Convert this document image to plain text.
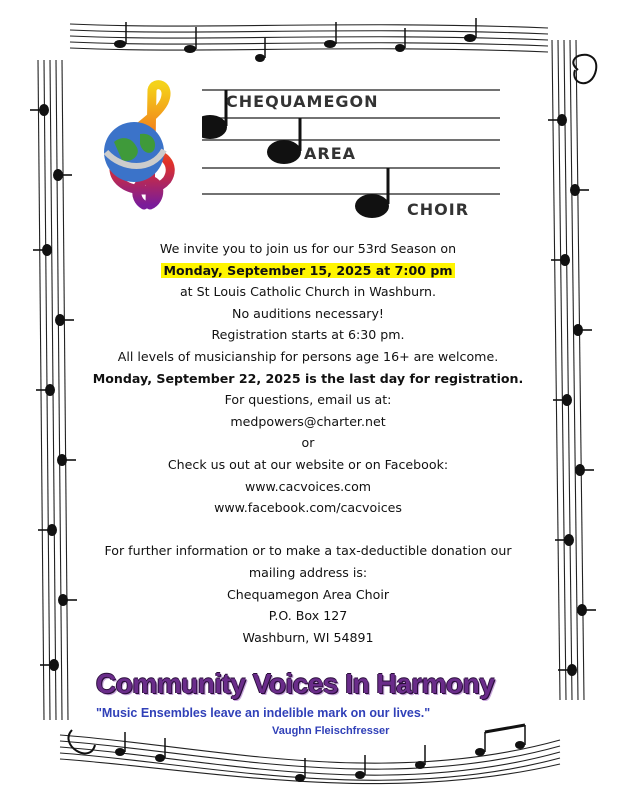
CHEQUAMEGON
AREA
CHOIR

We invite you to join us for our 53rd Season on

Monday, September 15, 2025 at 7:00 pm

at St Louis Catholic Church in Washburn.

No auditions necessary!

Registration starts at 6:30 pm.

All levels of musicianship for persons age 16+ are welcome.

Monday, September 22, 2025 is the last day for registration.

For questions, email us at:

medpowers@charter.net

or

Check us out at our website or on Facebook:

www.cacvoices.com

www.facebook.com/cacvoices

For further information or to make a tax-deductible donation our

mailing address is:

Chequamegon Area Choir

P.O. Box 127

Washburn, WI 54891

Community Voices In Harmony
"Music Ensembles leave an indelible mark on our lives."
Vaughn Fleischfresser
